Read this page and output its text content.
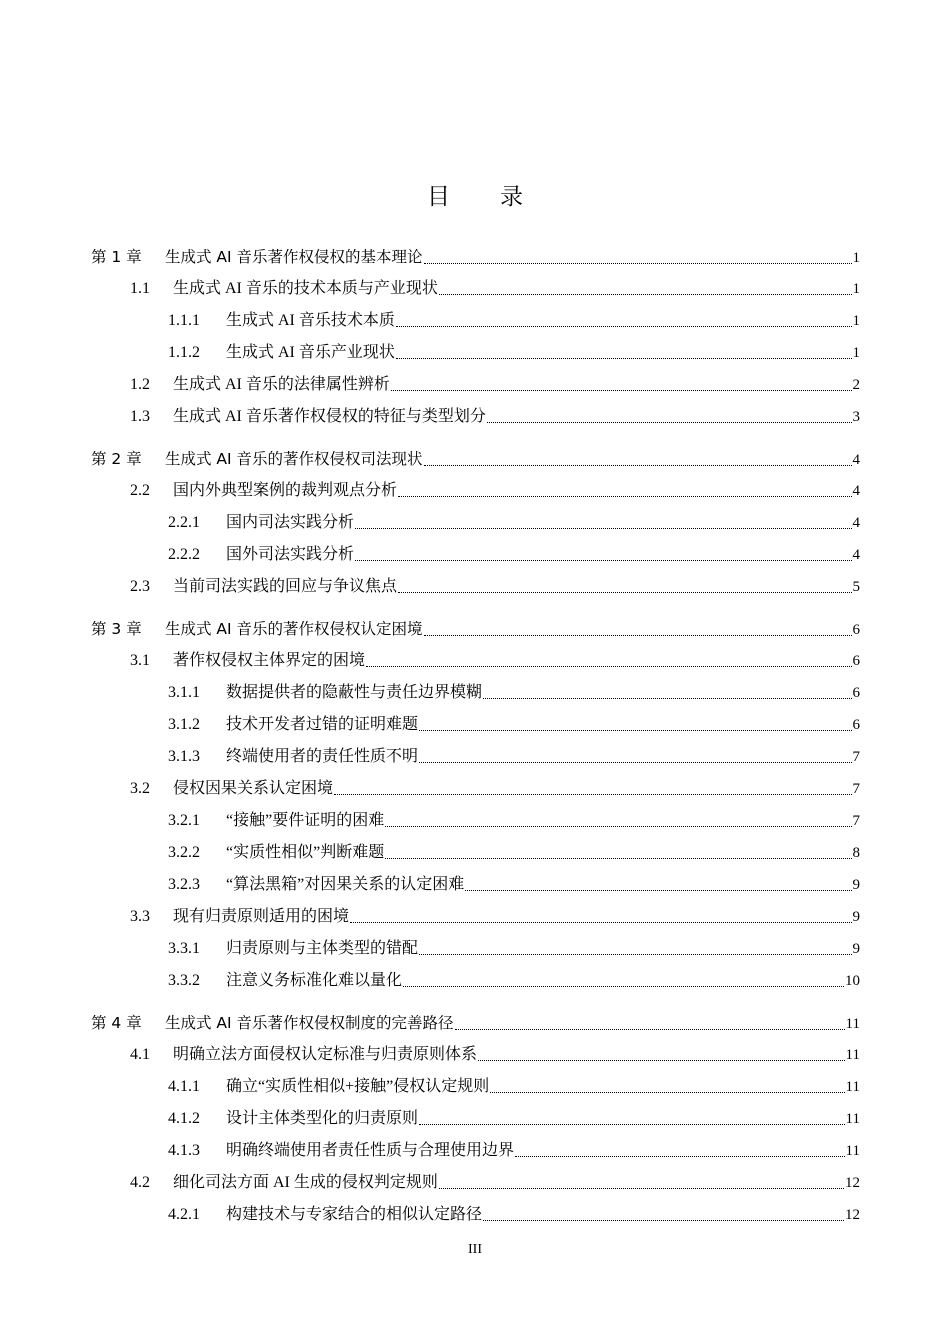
目 录
第 1 章	生成式 AI 音乐著作权侵权的基本理论	1
1.1	生成式 AI 音乐的技术本质与产业现状	1
1.1.1	生成式 AI 音乐技术本质	1
1.1.2	生成式 AI 音乐产业现状	1
1.2	生成式 AI 音乐的法律属性辨析	2
1.3	生成式 AI 音乐著作权侵权的特征与类型划分	3
第 2 章	生成式 AI 音乐的著作权侵权司法现状	4
2.2	国内外典型案例的裁判观点分析	4
2.2.1	国内司法实践分析	4
2.2.2	国外司法实践分析	4
2.3	当前司法实践的回应与争议焦点	5
第 3 章	生成式 AI 音乐的著作权侵权认定困境	6
3.1	著作权侵权主体界定的困境	6
3.1.1	数据提供者的隐蔽性与责任边界模糊	6
3.1.2	技术开发者过错的证明难题	6
3.1.3	终端使用者的责任性质不明	7
3.2	侵权因果关系认定困境	7
3.2.1	“接触”要件证明的困难	7
3.2.2	“实质性相似”判断难题	8
3.2.3	“算法黑箱”对因果关系的认定困难	9
3.3	现有归责原则适用的困境	9
3.3.1	归责原则与主体类型的错配	9
3.3.2	注意义务标准化难以量化	10
第 4 章	生成式 AI 音乐著作权侵权制度的完善路径	11
4.1	明确立法方面侵权认定标准与归责原则体系	11
4.1.1	确立“实质性相似+接触”侵权认定规则	11
4.1.2	设计主体类型化的归责原则	11
4.1.3	明确终端使用者责任性质与合理使用边界	11
4.2	细化司法方面 AI 生成的侵权判定规则	12
4.2.1	构建技术与专家结合的相似认定路径	12
III
